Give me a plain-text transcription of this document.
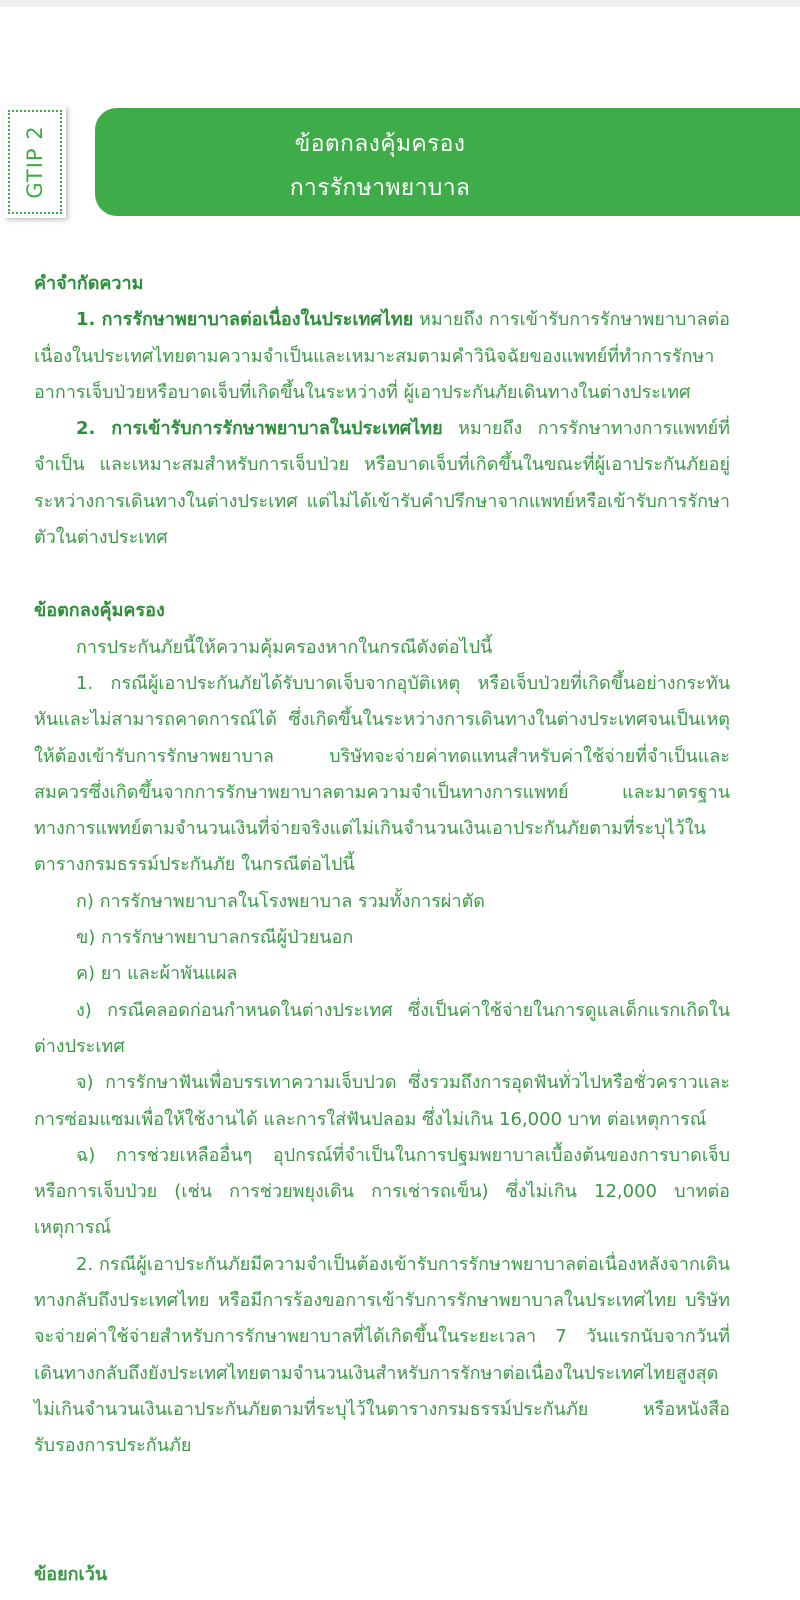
ข้อตกลงคุ้มครอง
การรักษาพยาบาล
GTIP 2
คำจำกัดความ
1. การรักษาพยาบาลต่อเนื่องในประเทศไทย หมายถึง การเข้ารับการรักษาพยาบาลต่อเนื่องในประเทศไทยตามความจำเป็นและเหมาะสมตามคำวินิจฉัยของแพทย์ที่ทำการรักษาอาการเจ็บป่วยหรือบาดเจ็บที่เกิดขึ้นในระหว่างที่ ผู้เอาประกันภัยเดินทางในต่างประเทศ
2. การเข้ารับการรักษาพยาบาลในประเทศไทย หมายถึง การรักษาทางการแพทย์ที่จำเป็น และเหมาะสมสำหรับการเจ็บป่วย หรือบาดเจ็บที่เกิดขึ้นในขณะที่ผู้เอาประกันภัยอยู่ระหว่างการเดินทางในต่างประเทศ แต่ไม่ได้เข้ารับคำปรึกษาจากแพทย์หรือเข้ารับการรักษาตัวในต่างประเทศ
ข้อตกลงคุ้มครอง
การประกันภัยนี้ให้ความคุ้มครองหากในกรณีดังต่อไปนี้
1. กรณีผู้เอาประกันภัยได้รับบาดเจ็บจากอุบัติเหตุ หรือเจ็บป่วยที่เกิดขึ้นอย่างกระทันหันและไม่สามารถคาดการณ์ได้ ซึ่งเกิดขึ้นในระหว่างการเดินทางในต่างประเทศจนเป็นเหตุให้ต้องเข้ารับการรักษาพยาบาล บริษัทจะจ่ายค่าทดแทนสำหรับค่าใช้จ่ายที่จำเป็นและสมควรซึ่งเกิดขึ้นจากการรักษาพยาบาลตามความจำเป็นทางการแพทย์ และมาตรฐานทางการแพทย์ตามจำนวนเงินที่จ่ายจริงแต่ไม่เกินจำนวนเงินเอาประกันภัยตามที่ระบุไว้ในตารางกรมธรรม์ประกันภัย ในกรณีต่อไปนี้
ก) การรักษาพยาบาลในโรงพยาบาล รวมทั้งการผ่าตัด
ข) การรักษาพยาบาลกรณีผู้ป่วยนอก
ค) ยา และผ้าพันแผล
ง) กรณีคลอดก่อนกำหนดในต่างประเทศ ซึ่งเป็นค่าใช้จ่ายในการดูแลเด็กแรกเกิดในต่างประเทศ
จ) การรักษาฟันเพื่อบรรเทาความเจ็บปวด ซึ่งรวมถึงการอุดฟันทั่วไปหรือชั่วคราวและการซ่อมแซมเพื่อให้ใช้งานได้ และการใส่ฟันปลอม ซึ่งไม่เกิน 16,000 บาท ต่อเหตุการณ์
ฉ) การช่วยเหลืออื่นๆ อุปกรณ์ที่จำเป็นในการปฐมพยาบาลเบื้องต้นของการบาดเจ็บหรือการเจ็บป่วย (เช่น การช่วยพยุงเดิน การเช่ารถเข็น) ซึ่งไม่เกิน 12,000 บาทต่อเหตุการณ์
2. กรณีผู้เอาประกันภัยมีความจำเป็นต้องเข้ารับการรักษาพยาบาลต่อเนื่องหลังจากเดินทางกลับถึงประเทศไทย หรือมีการร้องขอการเข้ารับการรักษาพยาบาลในประเทศไทย บริษัทจะจ่ายค่าใช้จ่ายสำหรับการรักษาพยาบาลที่ได้เกิดขึ้นในระยะเวลา 7 วันแรกนับจากวันที่เดินทางกลับถึงยังประเทศไทยตามจำนวนเงินสำหรับการรักษาต่อเนื่องในประเทศไทยสูงสุดไม่เกินจำนวนเงินเอาประกันภัยตามที่ระบุไว้ในตารางกรมธรรม์ประกันภัย หรือหนังสือรับรองการประกันภัย
ข้อยกเว้น
